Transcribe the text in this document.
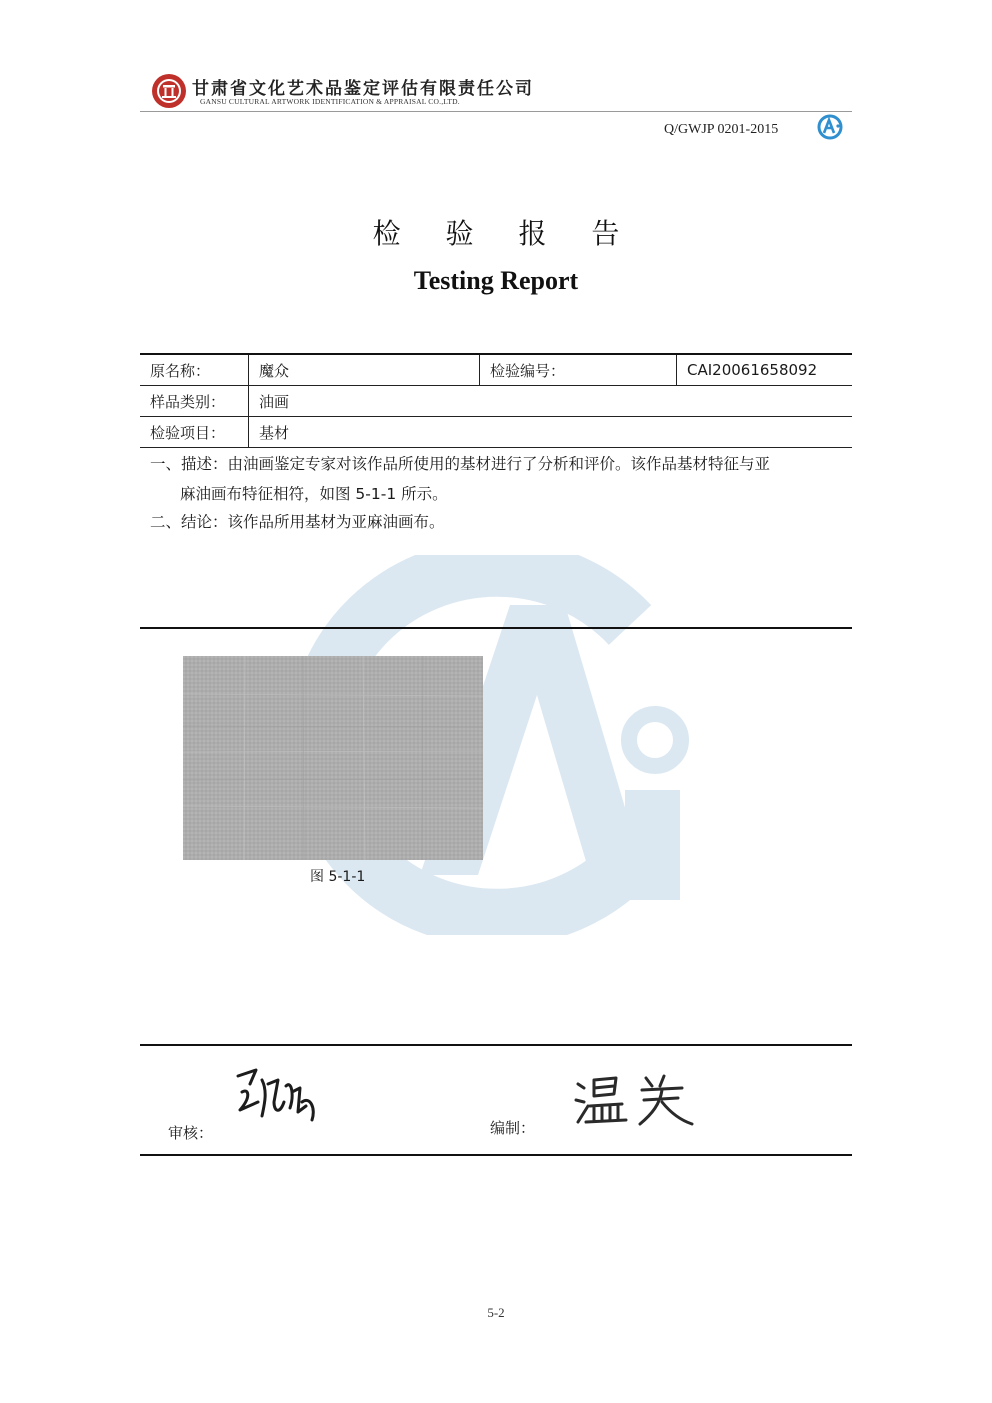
甘肃省文化艺术品鉴定评估有限责任公司
GANSU CULTURAL ARTWORK IDENTIFICATION & APPRAISAL CO.,LTD.
Q/GWJP 0201-2015
检 验 报 告
Testing Report
原名称：	魔众	检验编号：	CAI20061658092
样品类别：	油画		
检验项目：	基材		
一、描述：由油画鉴定专家对该作品所使用的基材进行了分析和评价。该作品基材特征与亚
麻油画布特征相符，如图 5-1-1 所示。
二、结论：该作品所用基材为亚麻油画布。
图 5-1-1
审核：	编制：
5-2
